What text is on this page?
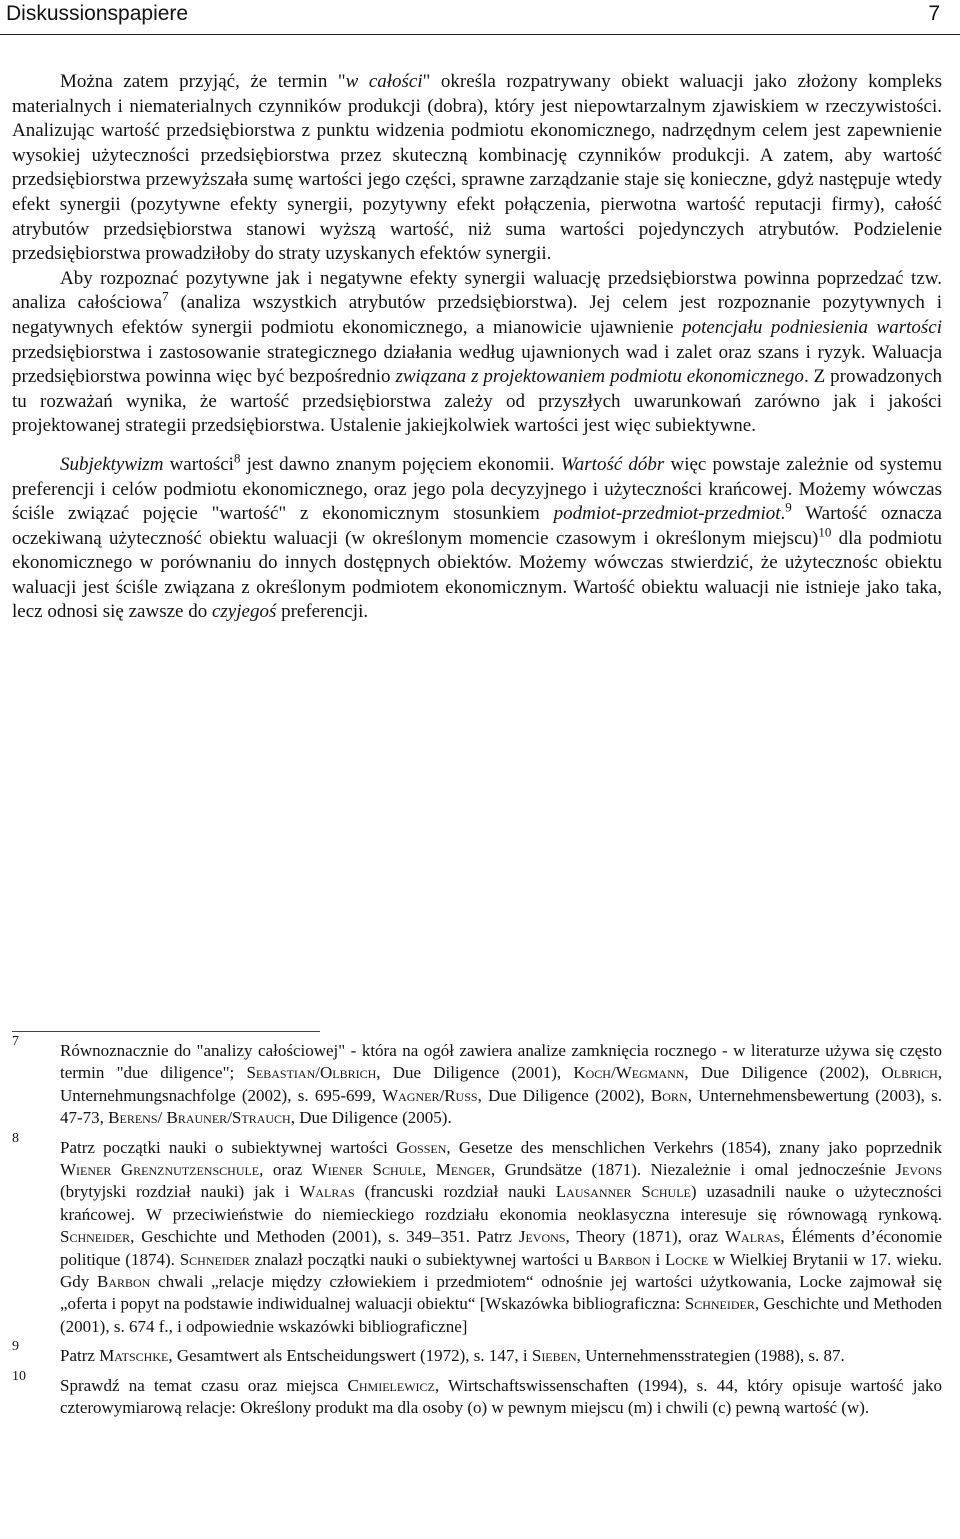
Diskussionspapiere	7

Można zatem przyjąć, że termin "w całości" określa rozpatrywany obiekt waluacji jako złożony kompleks materialnych i niematerialnych czynników produkcji (dobra), który jest niepowtarzalnym zjawiskiem w rzeczywistości. Analizując wartość przedsiębiorstwa z punktu widzenia podmiotu ekonomicznego, nadrzędnym celem jest zapewnienie wysokiej użyteczności przedsiębiorstwa przez skuteczną kombinację czynników produkcji. A zatem, aby wartość przedsiębiorstwa przewyższała sumę wartości jego części, sprawne zarządzanie staje się konieczne, gdyż następuje wtedy efekt synergii (pozytywne efekty synergii, pozytywny efekt połączenia, pierwotna wartość reputacji firmy), całość atrybutów przedsiębiorstwa stanowi wyższą wartość, niż suma wartości pojedynczych atrybutów. Podzielenie przedsiębiorstwa prowadziłoby do straty uzyskanych efektów synergii.

Aby rozpoznać pozytywne jak i negatywne efekty synergii waluację przedsiębiorstwa powinna poprzedzać tzw. analiza całościowa$^7$ (analiza wszystkich atrybutów przedsiębiorstwa). Jej celem jest rozpoznanie pozytywnych i negatywnych efektów synergii podmiotu ekonomicznego, a mianowicie ujawnienie potencjału podniesienia wartości przedsiębiorstwa i zastosowanie strategicznego działania według ujawnionych wad i zalet oraz szans i ryzyk. Waluacja przedsiębiorstwa powinna więc być bezpośrednio związana z projektowaniem podmiotu ekonomicznego. Z prowadzonych tu rozważań wynika, że wartość przedsiębiorstwa zależy od przyszłych uwarunkowań zarówno jak i jakości projektowanej strategii przedsiębiorstwa. Ustalenie jakiejkolwiek wartości jest więc subiektywne.

Subjektywizm wartości$^8$ jest dawno znanym pojęciem ekonomii. Wartość dóbr więc powstaje zależnie od systemu preferencji i celów podmiotu ekonomicznego, oraz jego pola decyzyjnego i użyteczności krańcowej. Możemy wówczas ściśle związać pojęcie "wartość" z ekonomicznym stosunkiem podmiot-przedmiot-przedmiot.$^9$ Wartość oznacza oczekiwaną użyteczność obiektu waluacji (w określonym momencie czasowym i określonym miejscu)$^{10}$ dla podmiotu ekonomicznego w porównaniu do innych dostępnych obiektów. Możemy wówczas stwierdzić, że użytecznośc obiektu waluacji jest ściśle związana z określonym podmiotem ekonomicznym. Wartość obiektu waluacji nie istnieje jako taka, lecz odnosi się zawsze do czyjegoś preferencji.

7 Równoznacznie do "analizy całościowej" - która na ogół zawiera analize zamknięcia rocznego - w literaturze używa się często termin "due diligence"; Sebastian/Olbrich, Due Diligence (2001), Koch/Wegmann, Due Diligence (2002), Olbrich, Unternehmungsnachfolge (2002), s. 695-699, Wagner/Russ, Due Diligence (2002), Born, Unternehmensbewertung (2003), s. 47-73, Berens/ Brauner/Strauch, Due Diligence (2005).
8 Patrz początki nauki o subiektywnej wartości Gossen, Gesetze des menschlichen Verkehrs (1854), znany jako poprzednik Wiener Grenznutzenschule, oraz Wiener Schule, Menger, Grundsätze (1871). Niezależnie i omal jednocześnie Jevons (brytyjski rozdział nauki) jak i Walras (francuski rozdział nauki Lausanner Schule) uzasadnili nauke o użyteczności krańcowej. W przeciwieństwie do niemieckiego rozdziału ekonomia neoklasyczna interesuje się równowagą rynkową. Schneider, Geschichte und Methoden (2001), s. 349–351. Patrz Jevons, Theory (1871), oraz Walras, Éléments d’économie politique (1874). Schneider znalazł początki nauki o subiektywnej wartości u Barbon i Locke w Wielkiej Brytanii w 17. wieku. Gdy Barbon chwali „relacje między człowiekiem i przedmiotem“ odnośnie jej wartości użytkowania, Locke zajmował się „oferta i popyt na podstawie indiwidualnej waluacji obiektu“ [Wskazówka bibliograficzna: Schneider, Geschichte und Methoden (2001), s. 674 f., i odpowiednie wskazówki bibliograficzne]
9 Patrz Matschke, Gesamtwert als Entscheidungswert (1972), s. 147, i Sieben, Unternehmensstrategien (1988), s. 87.
10 Sprawdź na temat czasu oraz miejsca Chmielewicz, Wirtschaftswissenschaften (1994), s. 44, który opisuje wartość jako czterowymiarową relacje: Określony produkt ma dla osoby (o) w pewnym miejscu (m) i chwili (c) pewną wartość (w).
